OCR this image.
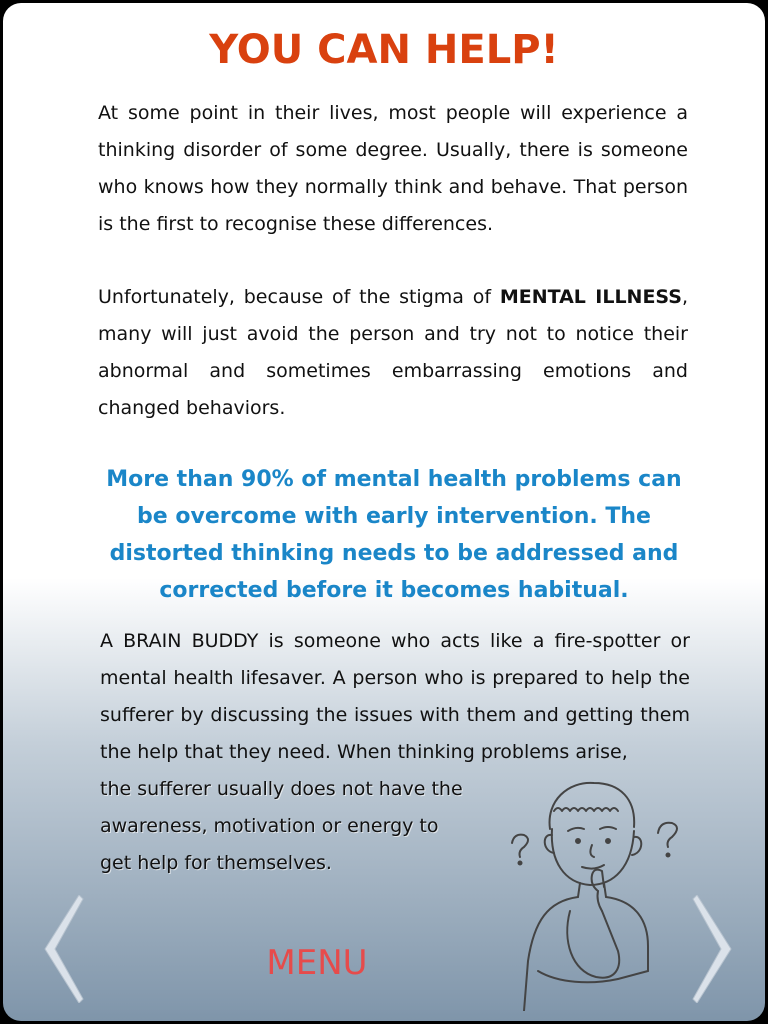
YOU CAN HELP!
At some point in their lives, most people will experience a thinking disorder of some degree. Usually, there is someone who knows how they normally think and behave. That person is the first to recognise these differences.
Unfortunately, because of the stigma of MENTAL ILLNESS, many will just avoid the person and try not to notice their abnormal and sometimes embarrassing emotions and changed behaviors.
More than 90% of mental health problems can be overcome with early intervention. The distorted thinking needs to be addressed and corrected before it becomes habitual.
A BRAIN BUDDY is someone who acts like a fire-spotter or mental health lifesaver. A person who is prepared to help the sufferer by discussing the issues with them and getting them the help that they need. When thinking problems arise,
the sufferer usually does not have the
awareness, motivation or energy to
get help for themselves.
MENU
